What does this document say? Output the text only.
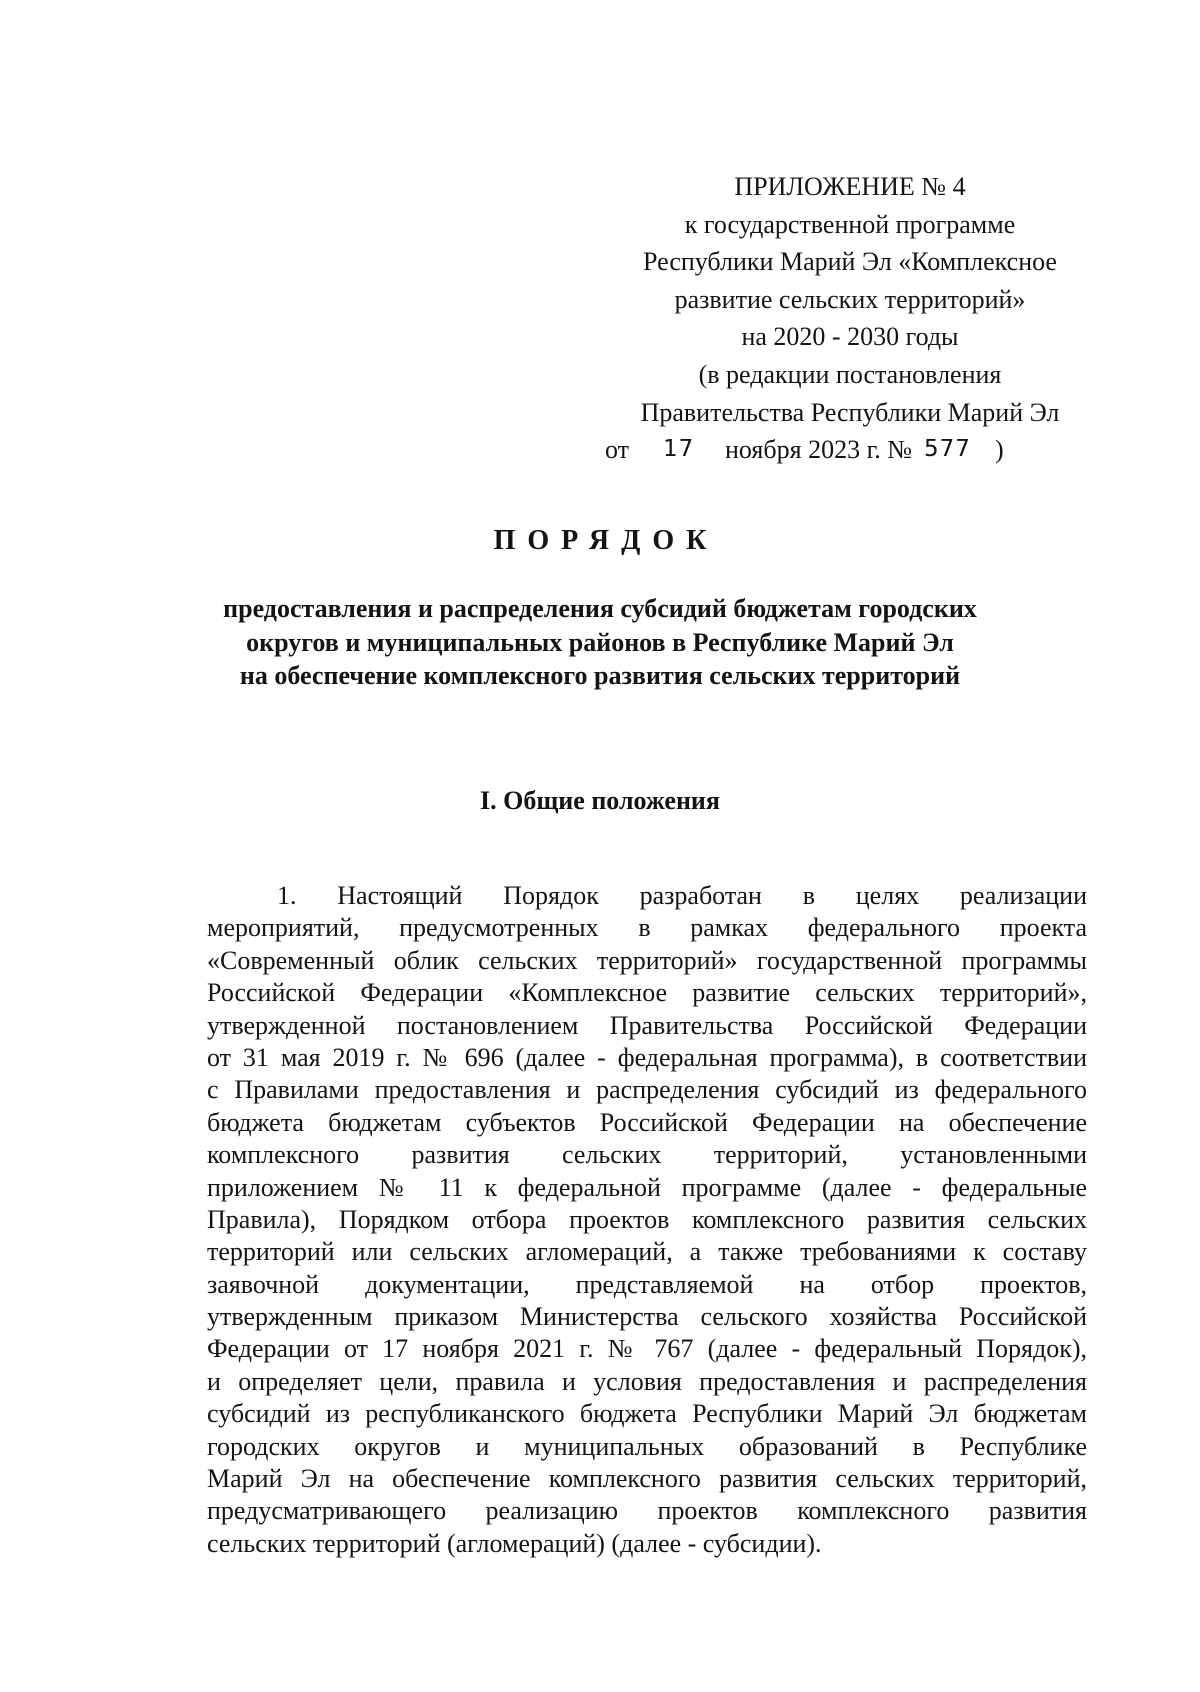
ПРИЛОЖЕНИЕ № 4
к государственной программе
Республики Марий Эл «Комплексное
развитие сельских территорий»
на 2020 - 2030 годы
(в редакции постановления
Правительства Республики Марий Эл
от 17 ноября 2023 г. № 577 )
ПОРЯДОК
предоставления и распределения субсидий бюджетам городских
округов и муниципальных районов в Республике Марий Эл
на обеспечение комплексного развития сельских территорий
I. Общие положения
1. Настоящий Порядок разработан в целях реализации
мероприятий, предусмотренных в рамках федерального проекта
«Современный облик сельских территорий» государственной программы
Российской Федерации «Комплексное развитие сельских территорий»,
утвержденной постановлением Правительства Российской Федерации
от 31 мая 2019 г. № 696 (далее - федеральная программа), в соответствии
с Правилами предоставления и распределения субсидий из федерального
бюджета бюджетам субъектов Российской Федерации на обеспечение
комплексного развития сельских территорий, установленными
приложением № 11 к федеральной программе (далее - федеральные
Правила), Порядком отбора проектов комплексного развития сельских
территорий или сельских агломераций, а также требованиями к составу
заявочной документации, представляемой на отбор проектов,
утвержденным приказом Министерства сельского хозяйства Российской
Федерации от 17 ноября 2021 г. № 767 (далее - федеральный Порядок),
и определяет цели, правила и условия предоставления и распределения
субсидий из республиканского бюджета Республики Марий Эл бюджетам
городских округов и муниципальных образований в Республике
Марий Эл на обеспечение комплексного развития сельских территорий,
предусматривающего реализацию проектов комплексного развития
сельских территорий (агломераций) (далее - субсидии).
